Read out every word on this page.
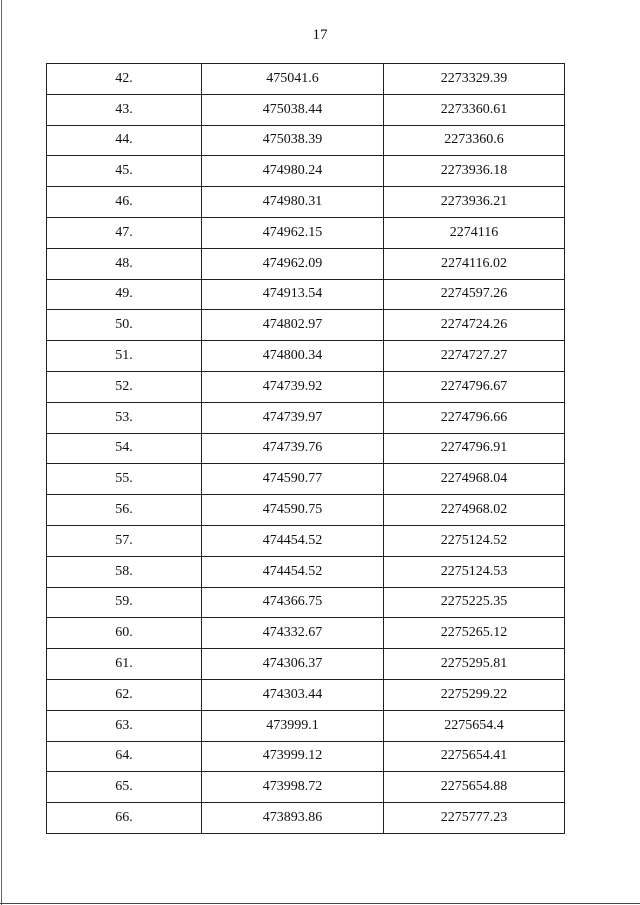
17
42.	475041.6	2273329.39
43.	475038.44	2273360.61
44.	475038.39	2273360.6
45.	474980.24	2273936.18
46.	474980.31	2273936.21
47.	474962.15	2274116
48.	474962.09	2274116.02
49.	474913.54	2274597.26
50.	474802.97	2274724.26
51.	474800.34	2274727.27
52.	474739.92	2274796.67
53.	474739.97	2274796.66
54.	474739.76	2274796.91
55.	474590.77	2274968.04
56.	474590.75	2274968.02
57.	474454.52	2275124.52
58.	474454.52	2275124.53
59.	474366.75	2275225.35
60.	474332.67	2275265.12
61.	474306.37	2275295.81
62.	474303.44	2275299.22
63.	473999.1	2275654.4
64.	473999.12	2275654.41
65.	473998.72	2275654.88
66.	473893.86	2275777.23
